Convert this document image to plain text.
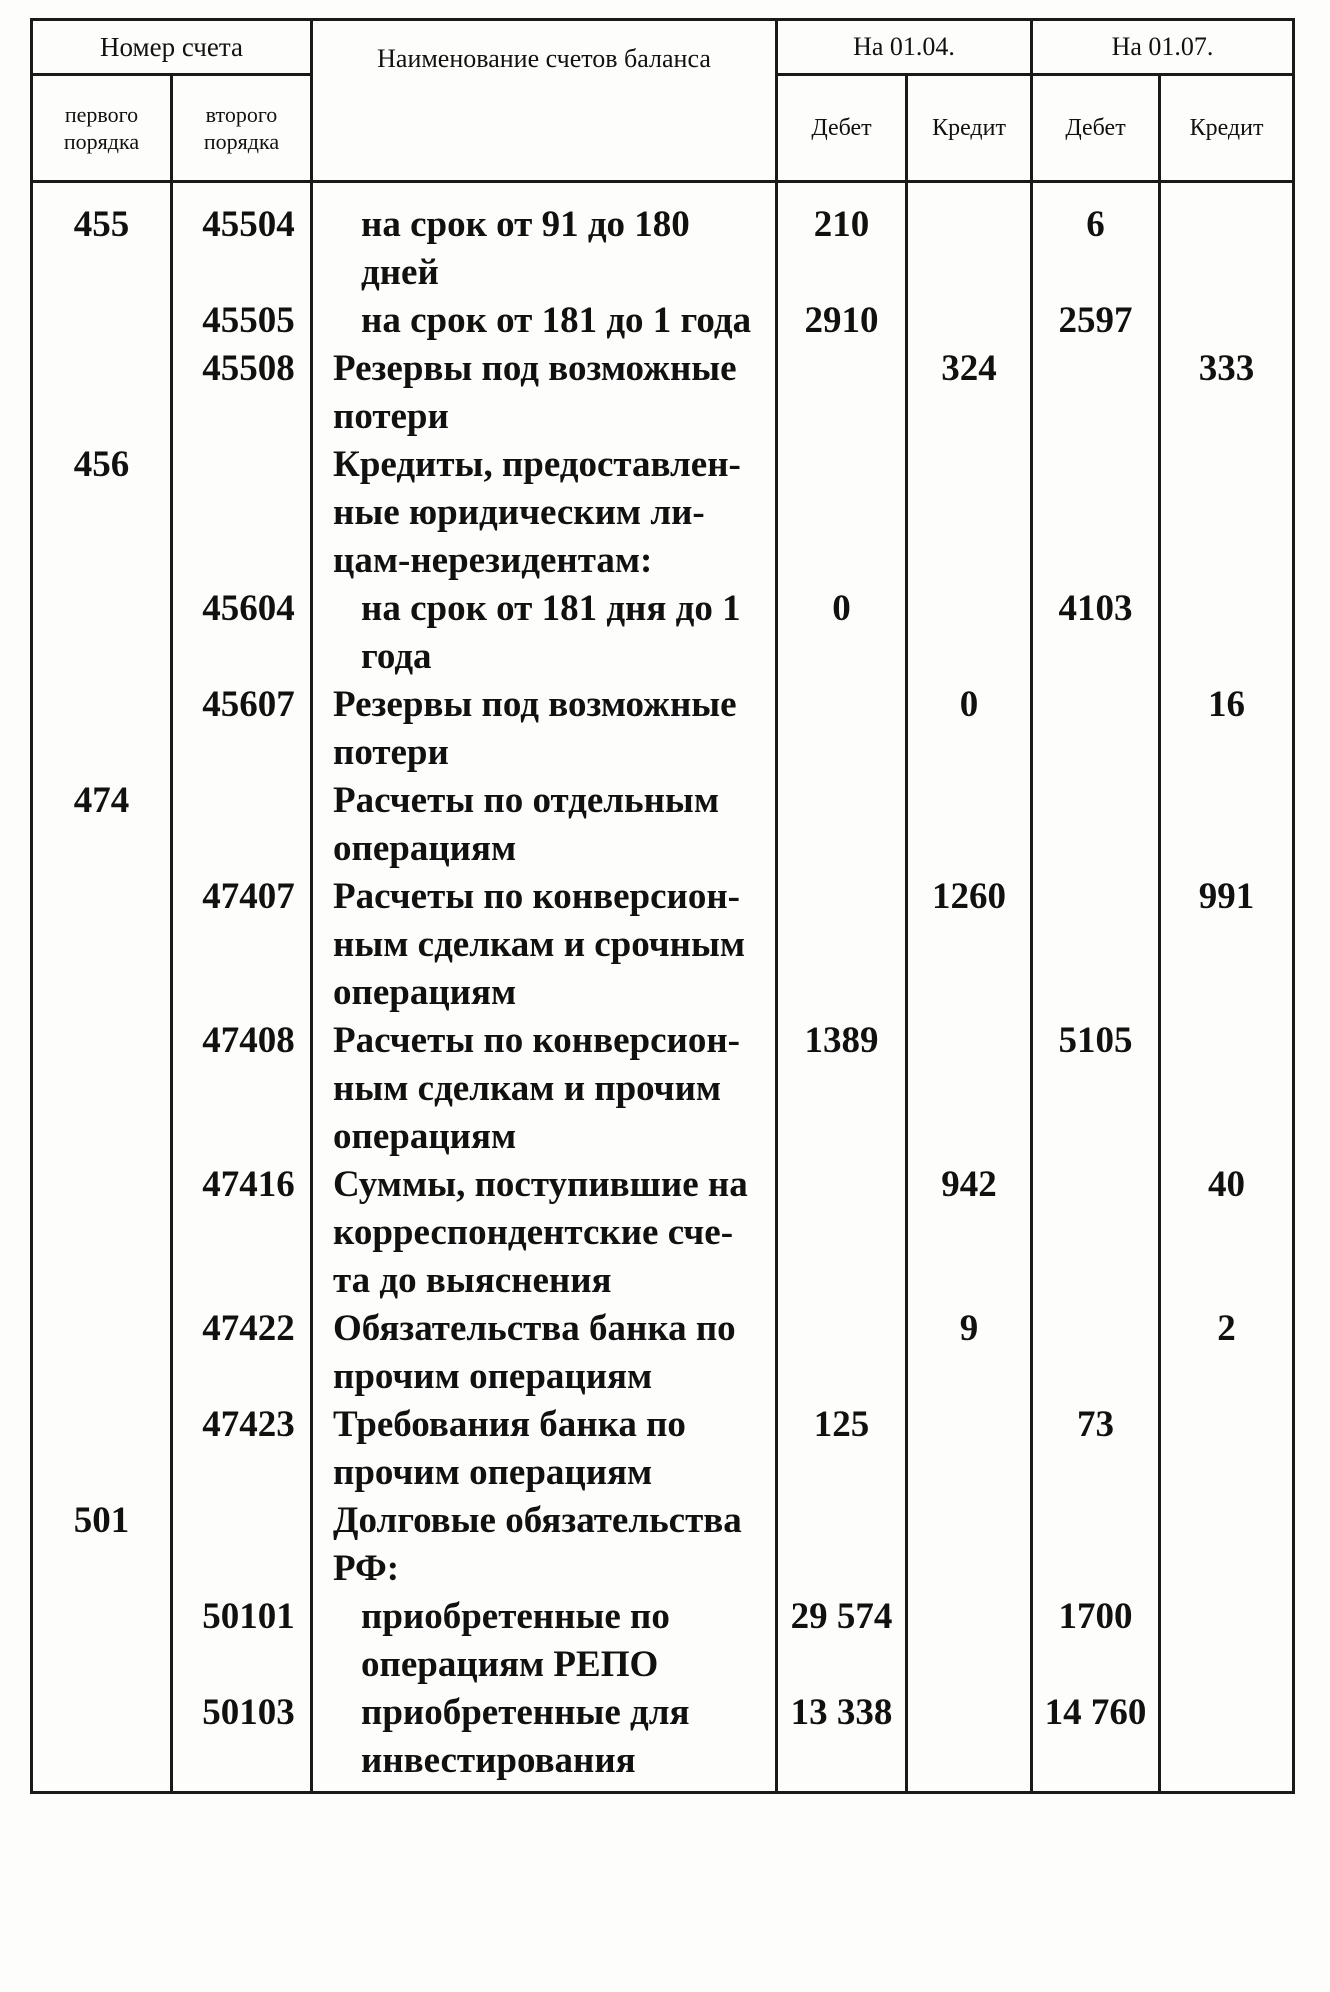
Номер счета		Наименование счетов баланса	На 01.04.		На 01.07.	
первого порядка	второго порядка		Дебет	Кредит	Дебет	Кредит
455	45504	на срок от 91 до 180 дней	210		6	
	45505	на срок от 181 до 1 года	2910		2597	
	45508	Резервы под возможные потери		324		333
456		Кредиты, предоставлен-ные юридическим ли-цам-нерезидентам:				
	45604	на срок от 181 дня до 1 года	0		4103	
	45607	Резервы под возможные потери		0		16
474		Расчеты по отдельным операциям				
	47407	Расчеты по конверсион-ным сделкам и срочным операциям		1260		991
	47408	Расчеты по конверсион-ным сделкам и прочим операциям	1389		5105	
	47416	Суммы, поступившие на корреспондентские сче-та до выяснения		942		40
	47422	Обязательства банка по прочим операциям		9		2
	47423	Требования банка по прочим операциям	125		73	
501		Долговые обязательства РФ:				
	50101	приобретенные по операциям РЕПО	29 574		1700	
	50103	приобретенные для инвестирования	13 338		14 760	
